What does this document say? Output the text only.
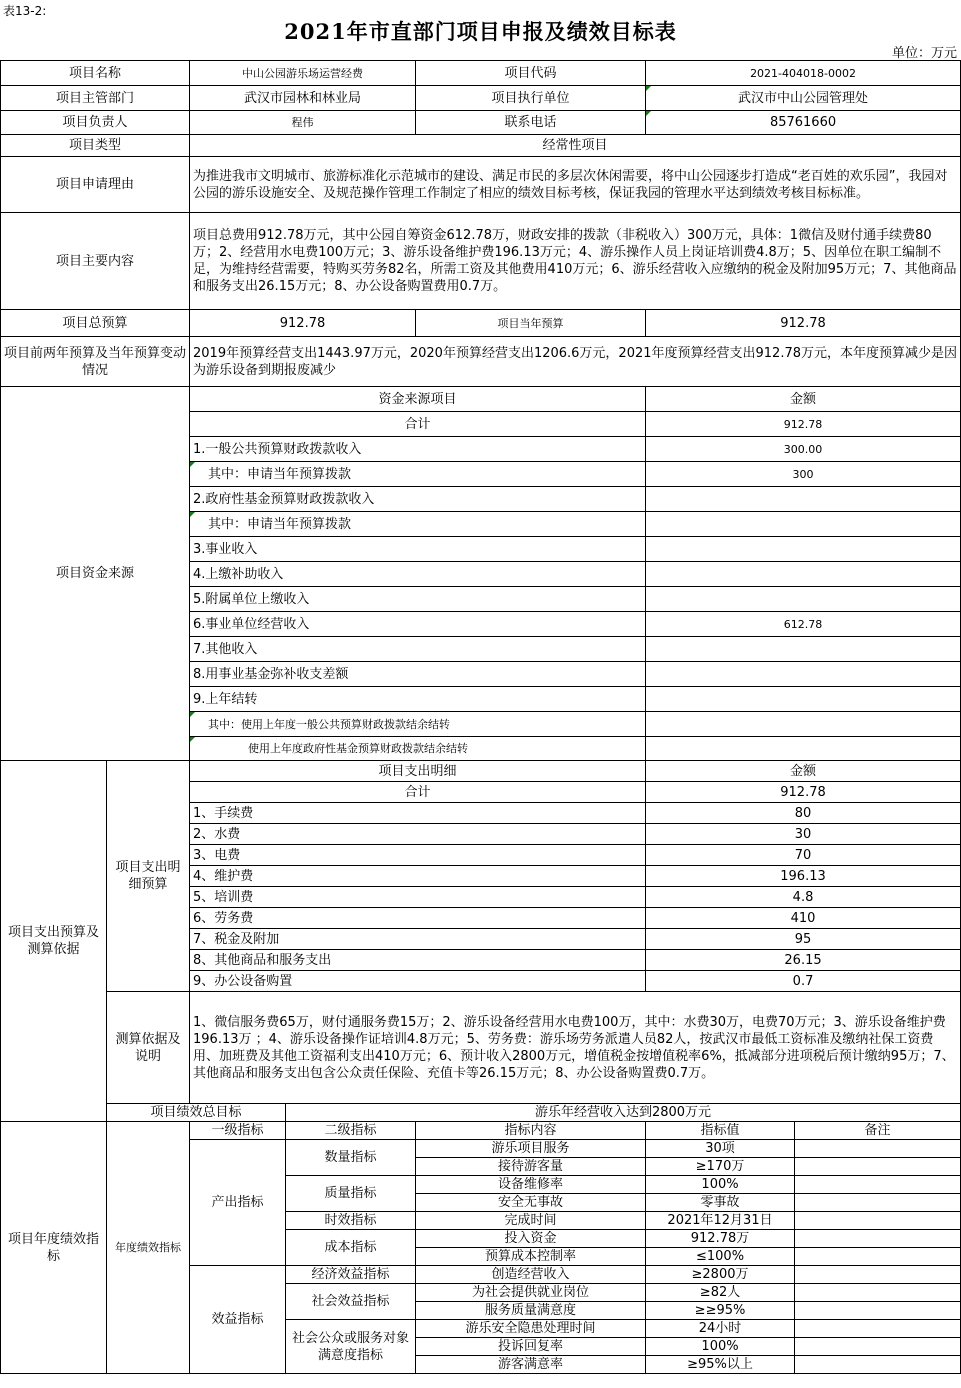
表13-2:
2021年市直部门项目申报及绩效目标表
单位：万元
项目名称		中山公园游乐场运营经费		项目代码	2021-404018-0002	
项目主管部门		武汉市园林和林业局		项目执行单位	武汉市中山公园管理处	
项目负责人		程伟		联系电话	85761660	
项目类型		经常性项目				
项目申请理由		为推进我市文明城市、旅游标准化示范城市的建设、满足市民的多层次休闲需要，将中山公园逐步打造成“老百姓的欢乐园”，我园对公园的游乐设施安全、及规范操作管理工作制定了相应的绩效目标考核，保证我园的管理水平达到绩效考核目标标准。				
项目主要内容		项目总费用912.78万元，其中公园自筹资金612.78万，财政安排的拨款（非税收入）300万元，具体：1微信及财付通手续费80万；2、经营用水电费100万元；3、游乐设备维护费196.13万元；4、游乐操作人员上岗证培训费4.8万；5、因单位在职工编制不足，为维持经营需要，特购买劳务82名，所需工资及其他费用410万元；6、游乐经营收入应缴纳的税金及附加95万元；7、其他商品和服务支出26.15万元；8、办公设备购置费用0.7万。				
项目总预算		912.78		项目当年预算	912.78	
项目前两年预算及当年预算变动情况		2019年预算经营支出1443.97万元，2020年预算经营支出1206.6万元，2021年度预算经营支出912.78万元，本年度预算减少是因为游乐设备到期报废减少				
项目资金来源		资金来源项目			金额	
		合计			912.78	
		1.一般公共预算财政拨款收入			300.00	
		其中：申请当年预算拨款			300	
		2.政府性基金预算财政拨款收入				
		其中：申请当年预算拨款				
		3.事业收入				
		4.上缴补助收入				
		5.附属单位上缴收入				
		6.事业单位经营收入			612.78	
		7.其他收入				
		8.用事业基金弥补收支差额				
		9.上年结转				
		其中：使用上年度一般公共预算财政拨款结余结转				
		使用上年度政府性基金预算财政拨款结余结转				
项目支出预算及测算依据	项目支出明细预算	项目支出明细			金额	
		合计			912.78	
		1、手续费			80	
		2、水费			30	
		3、电费			70	
		4、维护费			196.13	
		5、培训费			4.8	
		6、劳务费			410	
		7、税金及附加			95	
		8、其他商品和服务支出			26.15	
		9、办公设备购置			0.7	
	测算依据及说明	1、微信服务费65万，财付通服务费15万；2、游乐设备经营用水电费100万，其中：水费30万，电费70万元；3、游乐设备维护费196.13万 ；4、游乐设备操作证培训4.8万元；5、劳务费：游乐场劳务派遣人员82人，按武汉市最低工资标准及缴纳社保工资费用、加班费及其他工资福利支出410万元；6、预计收入2800万元，增值税金按增值税率6%，抵减部分进项税后预计缴纳95万；7、其他商品和服务支出包含公众责任保险、充值卡等26.15万元；8、办公设备购置费0.7万。				
	项目绩效总目标		游乐年经营收入达到2800万元			
项目年度绩效指标	年度绩效指标	一级指标	二级指标	指标内容	指标值	备注
		产出指标	数量指标	游乐项目服务	30项	
				接待游客量	≥170万	
			质量指标	设备维修率	100%	
				安全无事故	零事故	
			时效指标	完成时间	2021年12月31日	
			成本指标	投入资金	912.78万	
				预算成本控制率	≤100%	
		效益指标	经济效益指标	创造经营收入	≥2800万	
			社会效益指标	为社会提供就业岗位	≥82人	
				服务质量满意度	≥≥95%	
			社会公众或服务对象满意度指标	游乐安全隐患处理时间	24小时	
				投诉回复率	100%	
				游客满意率	≥95%以上	
